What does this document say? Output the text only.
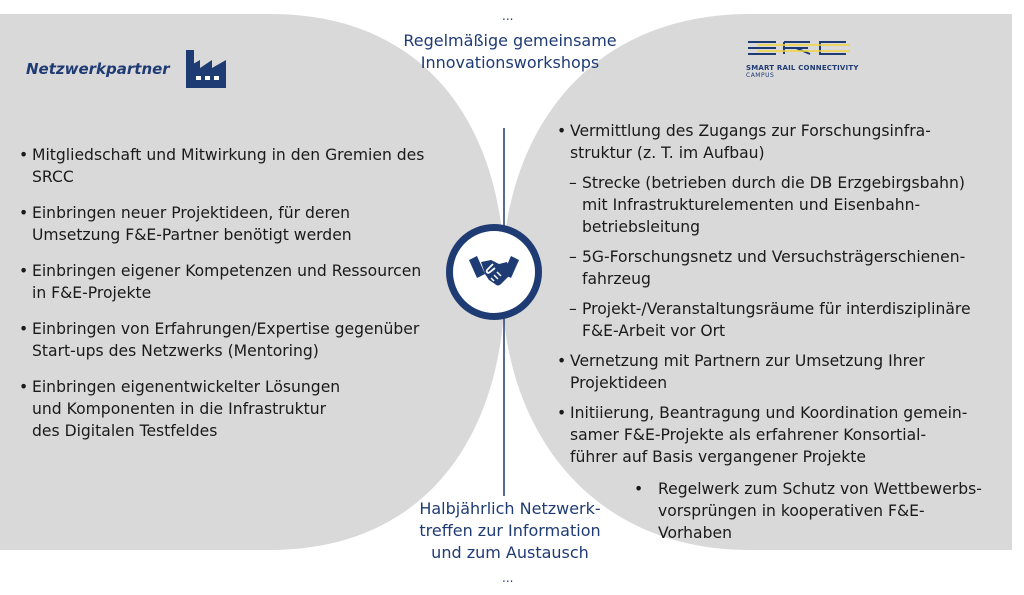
Netzwerkpartner
...
Regelmäßige gemeinsame
Innovationsworkshops	SMART RAIL CONNECTIVITY
CAMPUS
• Mitgliedschaft und Mitwirkung in den Gremien des
SRCC
• Einbringen neuer Projektideen, für deren
Umsetzung F&E-Partner benötigt werden
• Einbringen eigener Kompetenzen und Ressourcen
in F&E-Projekte
• Einbringen von Erfahrungen/Expertise gegenüber
Start-ups des Netzwerks (Mentoring)
• Einbringen eigenentwickelter Lösungen
und Komponenten in die Infrastruktur
des Digitalen Testfeldes
• Vermittlung des Zugangs zur Forschungsinfra-
struktur (z. T. im Aufbau)
– Strecke (betrieben durch die DB Erzgebirgsbahn)
mit Infrastrukturelementen und Eisenbahn-
betriebsleitung
– 5G-Forschungsnetz und Versuchsträgerschienen-
fahrzeug
– Projekt-/Veranstaltungsräume für interdisziplinäre
F&E-Arbeit vor Ort
• Vernetzung mit Partnern zur Umsetzung Ihrer
Projektideen
• Initiierung, Beantragung und Koordination gemein-
samer F&E-Projekte als erfahrener Konsortial-
führer auf Basis vergangener Projekte
• Regelwerk zum Schutz von Wettbewerbs-
vorsprüngen in kooperativen F&E-
Vorhaben
Halbjährlich Netzwerk-
treffen zur Information
und zum Austausch
...
